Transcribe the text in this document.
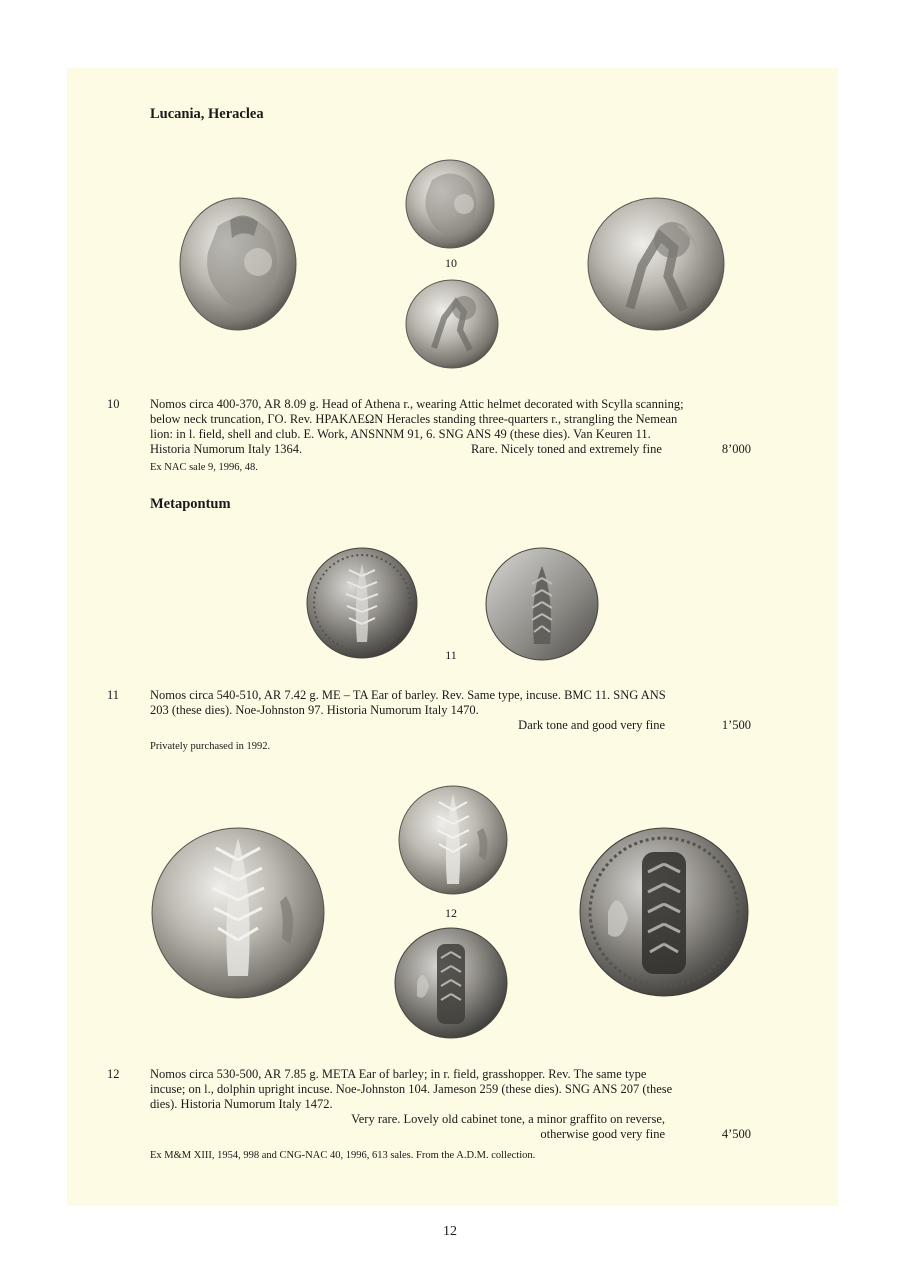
Lucania, Heraclea
10
10 Nomos circa 400-370, AR 8.09 g. Head of Athena r., wearing Attic helmet decorated with Scylla scanning;
below neck truncation, ΓΟ. Rev. ΗΡΑΚΛΕΩΝ Heracles standing three-quarters r., strangling the Nemean
lion: in l. field, shell and club. E. Work, ANSNNM 91, 6. SNG ANS 49 (these dies). Van Keuren 11.
Historia Numorum Italy 1364.	Rare. Nicely toned and extremely fine	8’000
Ex NAC sale 9, 1996, 48.
Metapontum
11
11 Nomos circa 540-510, AR 7.42 g. ΜΕ – ΤΑ Ear of barley. Rev. Same type, incuse. BMC 11. SNG ANS
203 (these dies). Noe-Johnston 97. Historia Numorum Italy 1470.
Dark tone and good very fine	1’500
Privately purchased in 1992.
12
12 Nomos circa 530-500, AR 7.85 g. ΜΕΤΑ Ear of barley; in r. field, grasshopper. Rev. The same type
incuse; on l., dolphin upright incuse. Noe-Johnston 104. Jameson 259 (these dies). SNG ANS 207 (these
dies). Historia Numorum Italy 1472.
Very rare. Lovely old cabinet tone, a minor graffito on reverse,
otherwise good very fine	4’500
Ex M&M XIII, 1954, 998 and CNG-NAC 40, 1996, 613 sales. From the A.D.M. collection.
12
